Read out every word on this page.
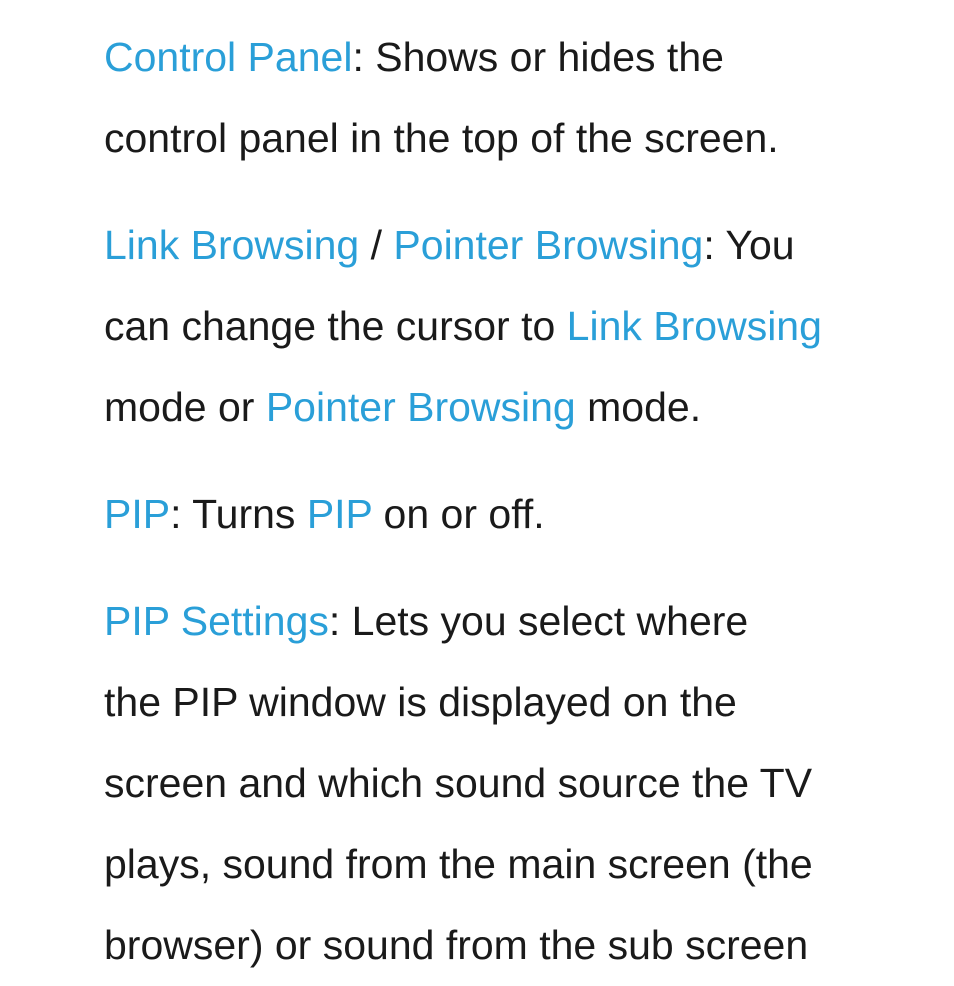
Control Panel: Shows or hides the
control panel in the top of the screen.

Link Browsing / Pointer Browsing: You
can change the cursor to Link Browsing
mode or Pointer Browsing mode.

PIP: Turns PIP on or off.

PIP Settings: Lets you select where
the PIP window is displayed on the
screen and which sound source the TV
plays, sound from the main screen (the
browser) or sound from the sub screen
